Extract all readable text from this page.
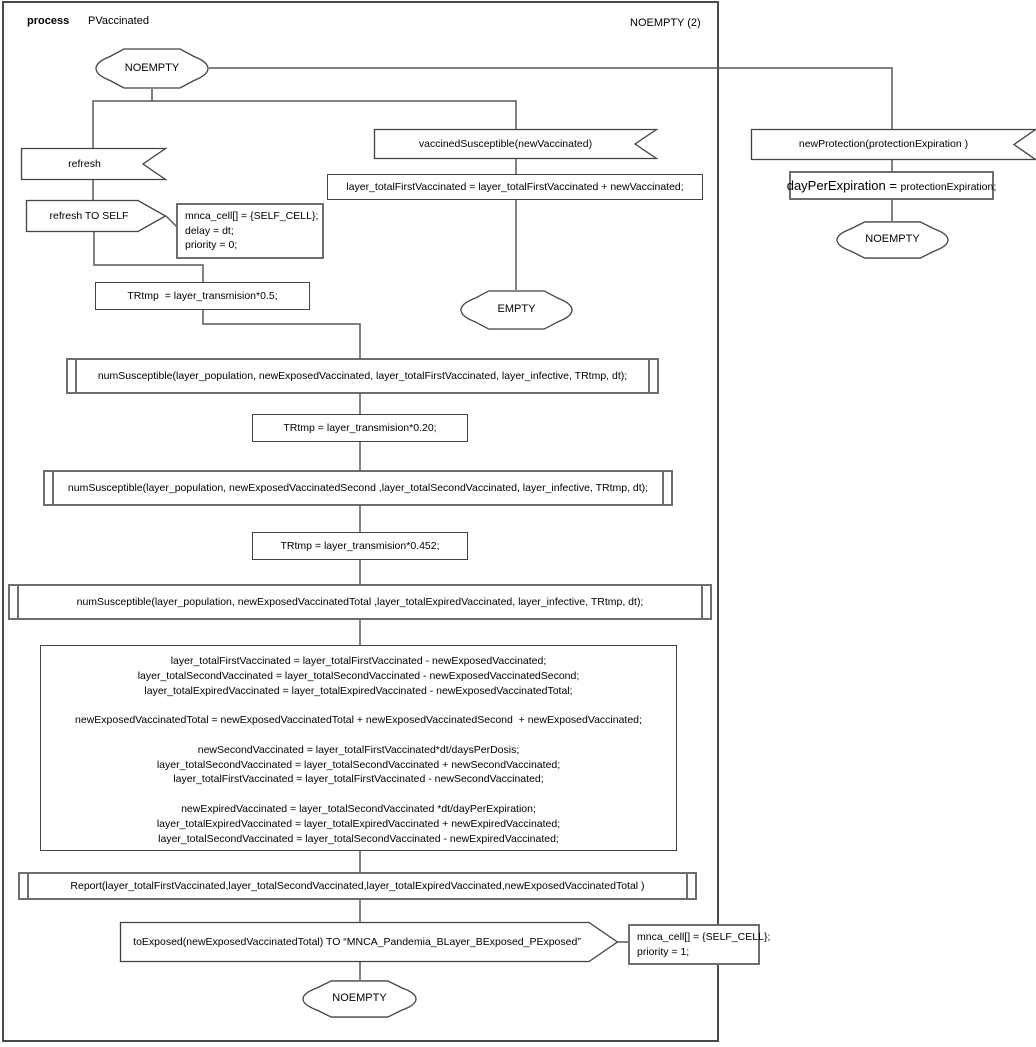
process PVaccinated	NOEMPTY (2)
NOEMPTY
refresh
refresh TO SELF	mnca_cell[] = {SELF_CELL};
delay = dt;
priority = 0;
vaccinedSusceptible(newVaccinated)
layer_totalFirstVaccinated = layer_totalFirstVaccinated + newVaccinated;
EMPTY
newProtection(protectionExpiration )
dayPerExpiration = protectionExpiration;
NOEMPTY
TRtmp  = layer_transmision*0.5;
numSusceptible(layer_population, newExposedVaccinated, layer_totalFirstVaccinated, layer_infective, TRtmp, dt);
TRtmp = layer_transmision*0.20;
numSusceptible(layer_population, newExposedVaccinatedSecond ,layer_totalSecondVaccinated, layer_infective, TRtmp, dt);
TRtmp = layer_transmision*0.452;
numSusceptible(layer_population, newExposedVaccinatedTotal ,layer_totalExpiredVaccinated, layer_infective, TRtmp, dt);
layer_totalFirstVaccinated = layer_totalFirstVaccinated - newExposedVaccinated;
layer_totalSecondVaccinated = layer_totalSecondVaccinated - newExposedVaccinatedSecond;
layer_totalExpiredVaccinated = layer_totalExpiredVaccinated - newExposedVaccinatedTotal;
newExposedVaccinatedTotal = newExposedVaccinatedTotal + newExposedVaccinatedSecond  + newExposedVaccinated;
newSecondVaccinated = layer_totalFirstVaccinated*dt/daysPerDosis;
layer_totalSecondVaccinated = layer_totalSecondVaccinated + newSecondVaccinated;
layer_totalFirstVaccinated = layer_totalFirstVaccinated - newSecondVaccinated;
newExpiredVaccinated = layer_totalSecondVaccinated *dt/dayPerExpiration;
layer_totalExpiredVaccinated = layer_totalExpiredVaccinated + newExpiredVaccinated;
layer_totalSecondVaccinated = layer_totalSecondVaccinated - newExpiredVaccinated;
Report(layer_totalFirstVaccinated,layer_totalSecondVaccinated,layer_totalExpiredVaccinated,newExposedVaccinatedTotal )
toExposed(newExposedVaccinatedTotal) TO “MNCA_Pandemia_BLayer_BExposed_PExposed”	mnca_cell[] = {SELF_CELL};
priority = 1;
NOEMPTY
